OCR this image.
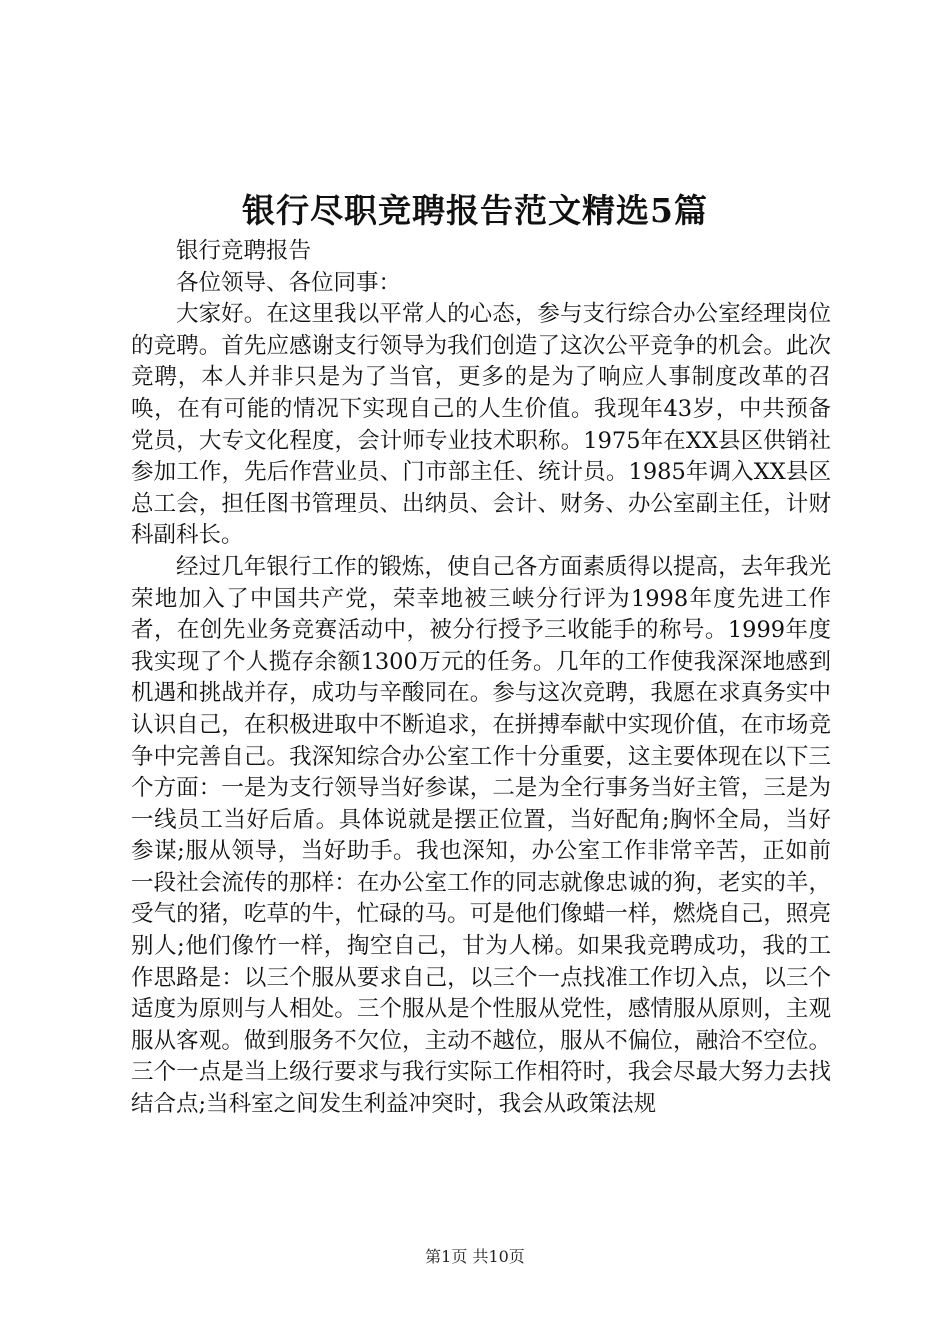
银行尽职竞聘报告范文精选5篇

银行竞聘报告

各位领导、各位同事：

大家好。在这里我以平常人的心态，参与支行综合办公室经理岗位的竞聘。首先应感谢支行领导为我们创造了这次公平竞争的机会。此次竞聘，本人并非只是为了当官，更多的是为了响应人事制度改革的召唤，在有可能的情况下实现自己的人生价值。我现年43岁，中共预备党员，大专文化程度，会计师专业技术职称。1975年在XX县区供销社参加工作，先后作营业员、门市部主任、统计员。1985年调入XX县区总工会，担任图书管理员、出纳员、会计、财务、办公室副主任，计财科副科长。

经过几年银行工作的锻炼，使自己各方面素质得以提高，去年我光荣地加入了中国共产党，荣幸地被三峡分行评为1998年度先进工作者，在创先业务竞赛活动中，被分行授予三收能手的称号。1999年度我实现了个人揽存余额1300万元的任务。几年的工作使我深深地感到机遇和挑战并存，成功与辛酸同在。参与这次竞聘，我愿在求真务实中认识自己，在积极进取中不断追求，在拼搏奉献中实现价值，在市场竞争中完善自己。我深知综合办公室工作十分重要，这主要体现在以下三个方面：一是为支行领导当好参谋，二是为全行事务当好主管，三是为一线员工当好后盾。具体说就是摆正位置，当好配角;胸怀全局，当好参谋;服从领导，当好助手。我也深知，办公室工作非常辛苦，正如前一段社会流传的那样：在办公室工作的同志就像忠诚的狗，老实的羊，受气的猪，吃草的牛，忙碌的马。可是他们像蜡一样，燃烧自己，照亮别人;他们像竹一样，掏空自己，甘为人梯。如果我竞聘成功，我的工作思路是：以三个服从要求自己，以三个一点找准工作切入点，以三个适度为原则与人相处。三个服从是个性服从党性，感情服从原则，主观服从客观。做到服务不欠位，主动不越位，服从不偏位，融洽不空位。三个一点是当上级行要求与我行实际工作相符时，我会尽最大努力去找结合点;当科室之间发生利益冲突时，我会从政策法规

第1页 共10页
